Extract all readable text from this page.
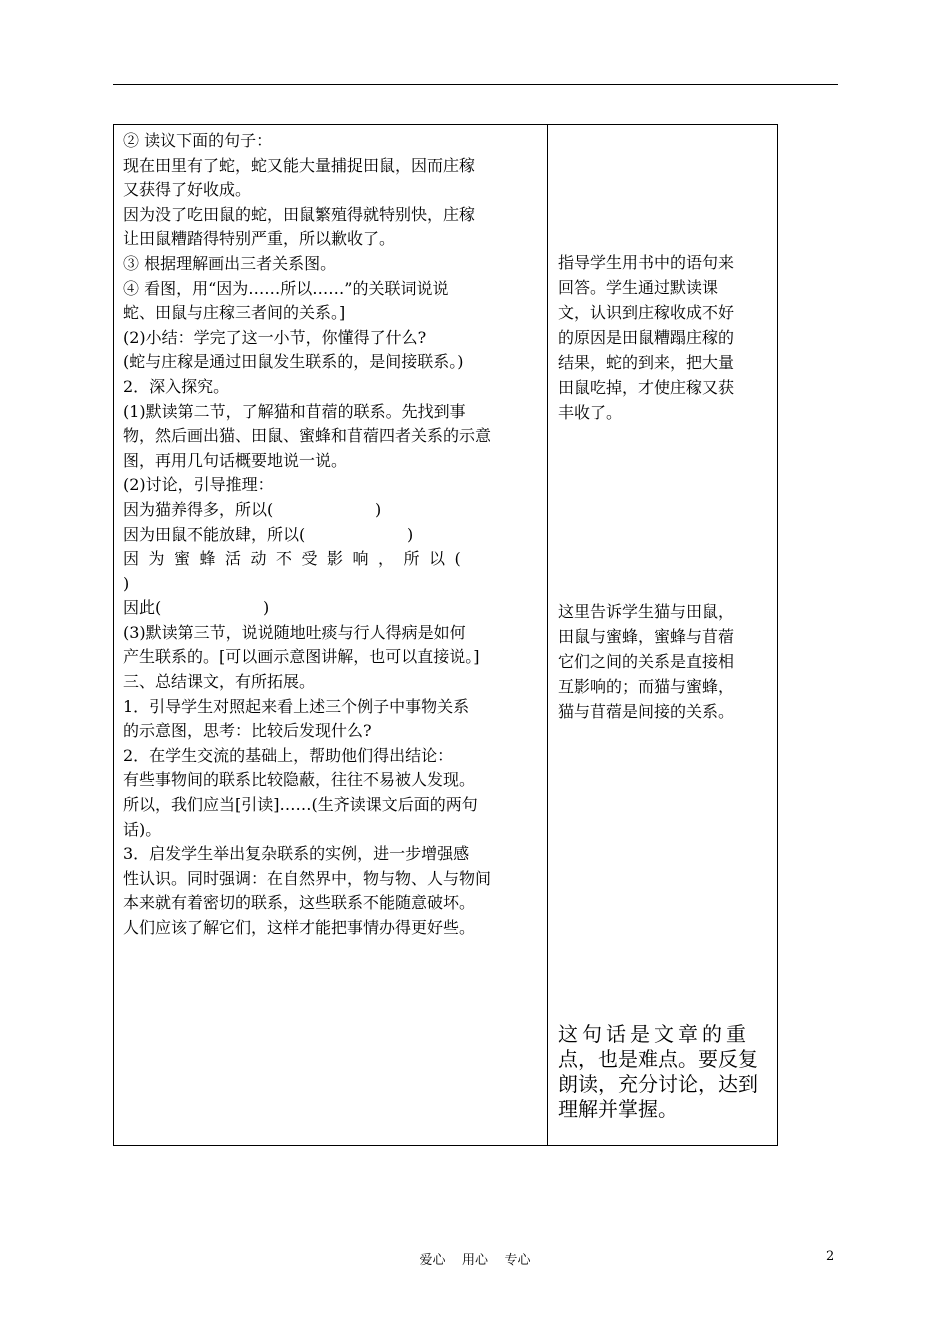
② 读议下面的句子：
现在田里有了蛇，蛇又能大量捕捉田鼠，因而庄稼
又获得了好收成。
因为没了吃田鼠的蛇，田鼠繁殖得就特别快，庄稼
让田鼠糟踏得特别严重，所以歉收了。
③ 根据理解画出三者关系图。
④ 看图，用“因为……所以……”的关联词说说
蛇、田鼠与庄稼三者间的关系。]
(2)小结：学完了这一小节，你懂得了什么?
(蛇与庄稼是通过田鼠发生联系的，是间接联系。)
2．深入探究。
(1)默读第二节，了解猫和苜蓿的联系。先找到事
物，然后画出猫、田鼠、蜜蜂和苜蓿四者关系的示意
图，再用几句话概要地说一说。
(2)讨论，引导推理：
因为猫养得多，所以(                    )
因为田鼠不能放肆，所以(                    )
因为蜜蜂活动不受影响，所以(
)
因此(                    )
(3)默读第三节，说说随地吐痰与行人得病是如何
产生联系的。[可以画示意图讲解，也可以直接说。]
三、总结课文，有所拓展。
1．引导学生对照起来看上述三个例子中事物关系
的示意图，思考：比较后发现什么?
2．在学生交流的基础上，帮助他们得出结论：
有些事物间的联系比较隐蔽，往往不易被人发现。
所以，我们应当[引读]……(生齐读课文后面的两句
话)。
3．启发学生举出复杂联系的实例，进一步增强感
性认识。同时强调：在自然界中，物与物、人与物间
本来就有着密切的联系，这些联系不能随意破坏。
人们应该了解它们，这样才能把事情办得更好些。
指导学生用书中的语句来
回答。学生通过默读课
文，认识到庄稼收成不好
的原因是田鼠糟蹋庄稼的
结果，蛇的到来，把大量
田鼠吃掉，才使庄稼又获
丰收了。
这里告诉学生猫与田鼠，
田鼠与蜜蜂，蜜蜂与苜蓿
它们之间的关系是直接相
互影响的；而猫与蜜蜂，
猫与苜蓿是间接的关系。
这句话是文章的重
点，也是难点。要反复
朗读，充分讨论，达到
理解并掌握。
爱心    用心    专心	2
